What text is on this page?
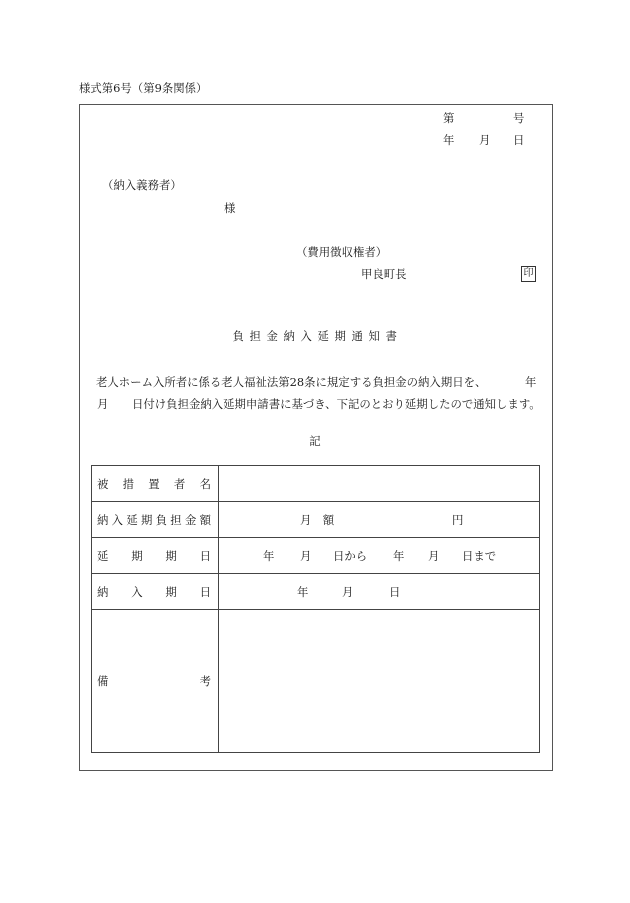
様式第6号（第9条関係）
第	号
年 月 日
（納入義務者）
様
（費用徴収権者）
甲良町長	印
負担金納入延期通知書
老人ホーム入所者に係る老人福祉法第28条に規定する負担金の納入期日を、	年
月 日付け負担金納入延期申請書に基づき、下記のとおり延期したので通知します。
記
被 措 置 者 名
納 入 延 期 負 担 金 額	月　額	円
延 期 期 日	年 月 日から 年 月 日まで
納 入 期 日	年	月	日
備	考
